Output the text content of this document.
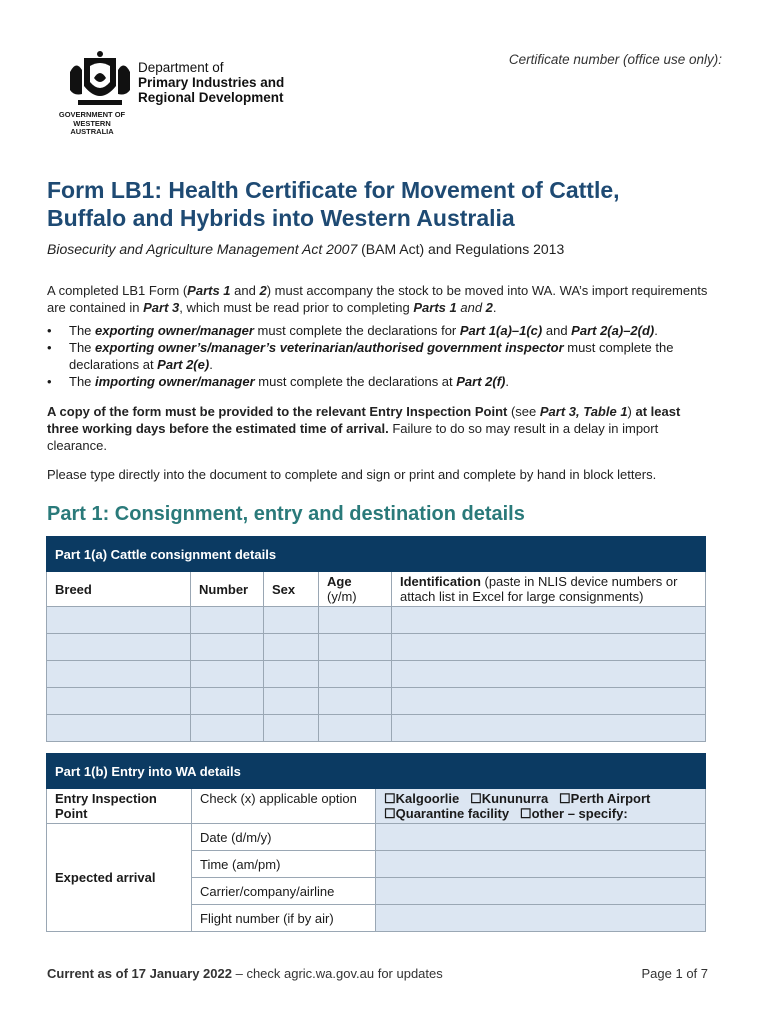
GOVERNMENT OF
WESTERN AUSTRALIA
Department of
Primary Industries and
Regional Development
Certificate number (office use only):
Form LB1: Health Certificate for Movement of Cattle,
Buffalo and Hybrids into Western Australia
Biosecurity and Agriculture Management Act 2007 (BAM Act) and Regulations 2013
A completed LB1 Form (Parts 1 and 2) must accompany the stock to be moved into WA. WA’s import requirements are contained in Part 3, which must be read prior to completing Parts 1 and 2.
• The exporting owner/manager must complete the declarations for Part 1(a)–1(c) and Part 2(a)–2(d).
• The exporting owner’s/manager’s veterinarian/authorised government inspector must complete the declarations at Part 2(e).
• The importing owner/manager must complete the declarations at Part 2(f).
A copy of the form must be provided to the relevant Entry Inspection Point (see Part 3, Table 1) at least three working days before the estimated time of arrival. Failure to do so may result in a delay in import clearance.
Please type directly into the document to complete and sign or print and complete by hand in block letters.
Part 1: Consignment, entry and destination details
Part 1(a) Cattle consignment details				
Breed	Number	Sex	Age
(y/m)	Identification (paste in NLIS device numbers or attach list in Excel for large consignments)

Part 1(b) Entry into WA details		
Entry Inspection Point	Check (x) applicable option	☐Kalgoorlie ☐Kununurra ☐Perth Airport
☐Quarantine facility ☐other – specify:

Expected arrival	Date (d/m/y)	
	Time (am/pm)	
	Carrier/company/airline	
	Flight number (if by air)	
Current as of 17 January 2022 – check agric.wa.gov.au for updates	Page 1 of 7
